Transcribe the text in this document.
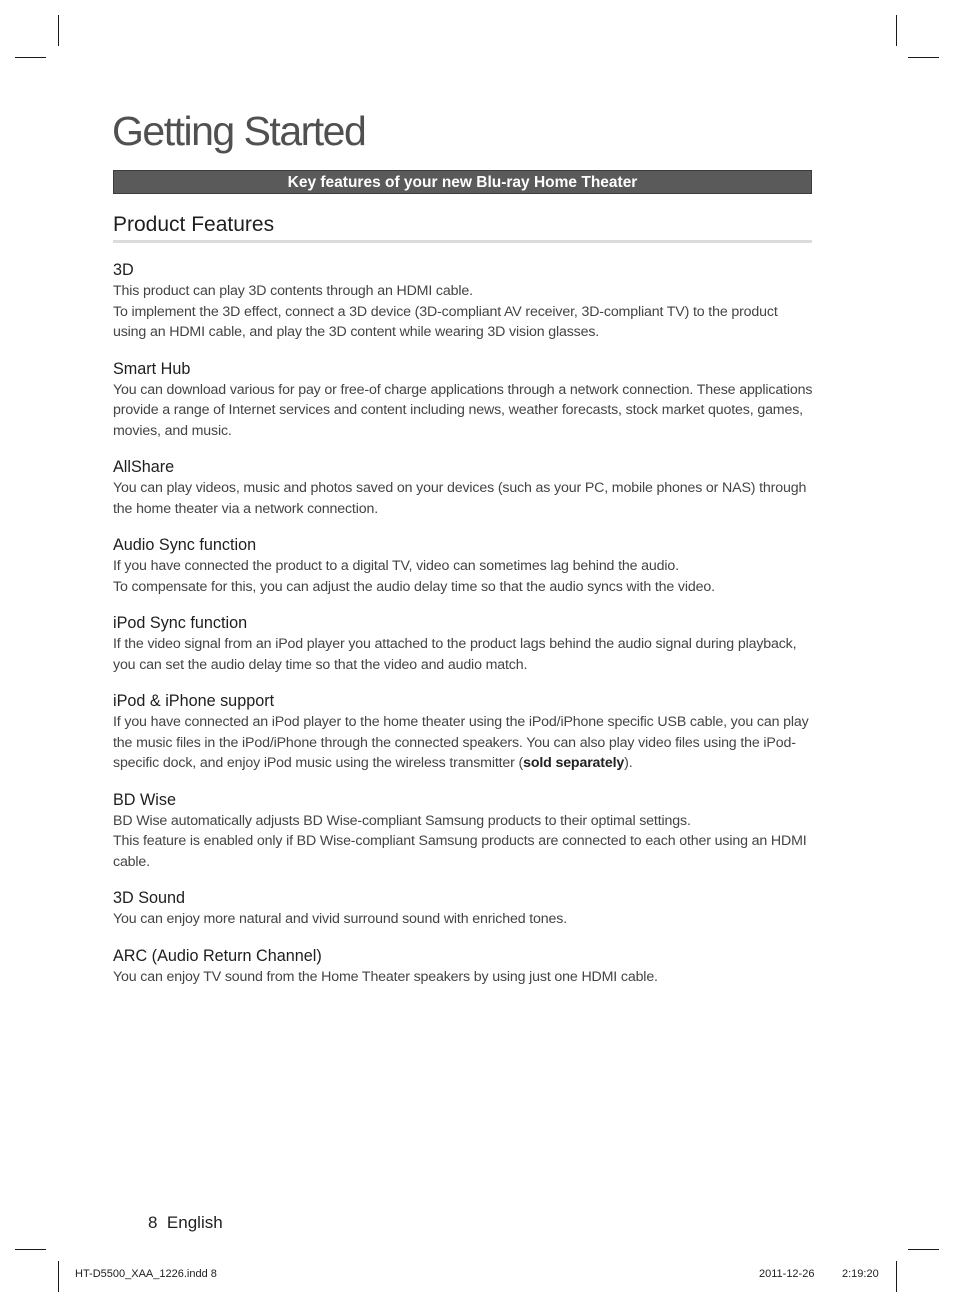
Getting Started
Key features of your new Blu-ray Home Theater
Product Features
3D

This product can play 3D contents through an HDMI cable.

To implement the 3D effect, connect a 3D device (3D-compliant AV receiver, 3D-compliant TV) to the product using an HDMI cable, and play the 3D content while wearing 3D vision glasses.

Smart Hub

You can download various for pay or free-of charge applications through a network connection. These applications provide a range of Internet services and content including news, weather forecasts, stock market quotes, games, movies, and music.

AllShare

You can play videos, music and photos saved on your devices (such as your PC, mobile phones or NAS) through the home theater via a network connection.

Audio Sync function

If you have connected the product to a digital TV, video can sometimes lag behind the audio.

To compensate for this, you can adjust the audio delay time so that the audio syncs with the video.

iPod Sync function

If the video signal from an iPod player you attached to the product lags behind the audio signal during playback, you can set the audio delay time so that the video and audio match.

iPod & iPhone support

If you have connected an iPod player to the home theater using the iPod/iPhone specific USB cable, you can play the music files in the iPod/iPhone through the connected speakers. You can also play video files using the iPod-specific dock, and enjoy iPod music using the wireless transmitter (sold separately).

BD Wise

BD Wise automatically adjusts BD Wise-compliant Samsung products to their optimal settings.

This feature is enabled only if BD Wise-compliant Samsung products are connected to each other using an HDMI cable.

3D Sound

You can enjoy more natural and vivid surround sound with enriched tones.

ARC (Audio Return Channel)

You can enjoy TV sound from the Home Theater speakers by using just one HDMI cable.

8 English
HT-D5500_XAA_1226.indd 8	2011-12-26	2:19:20
